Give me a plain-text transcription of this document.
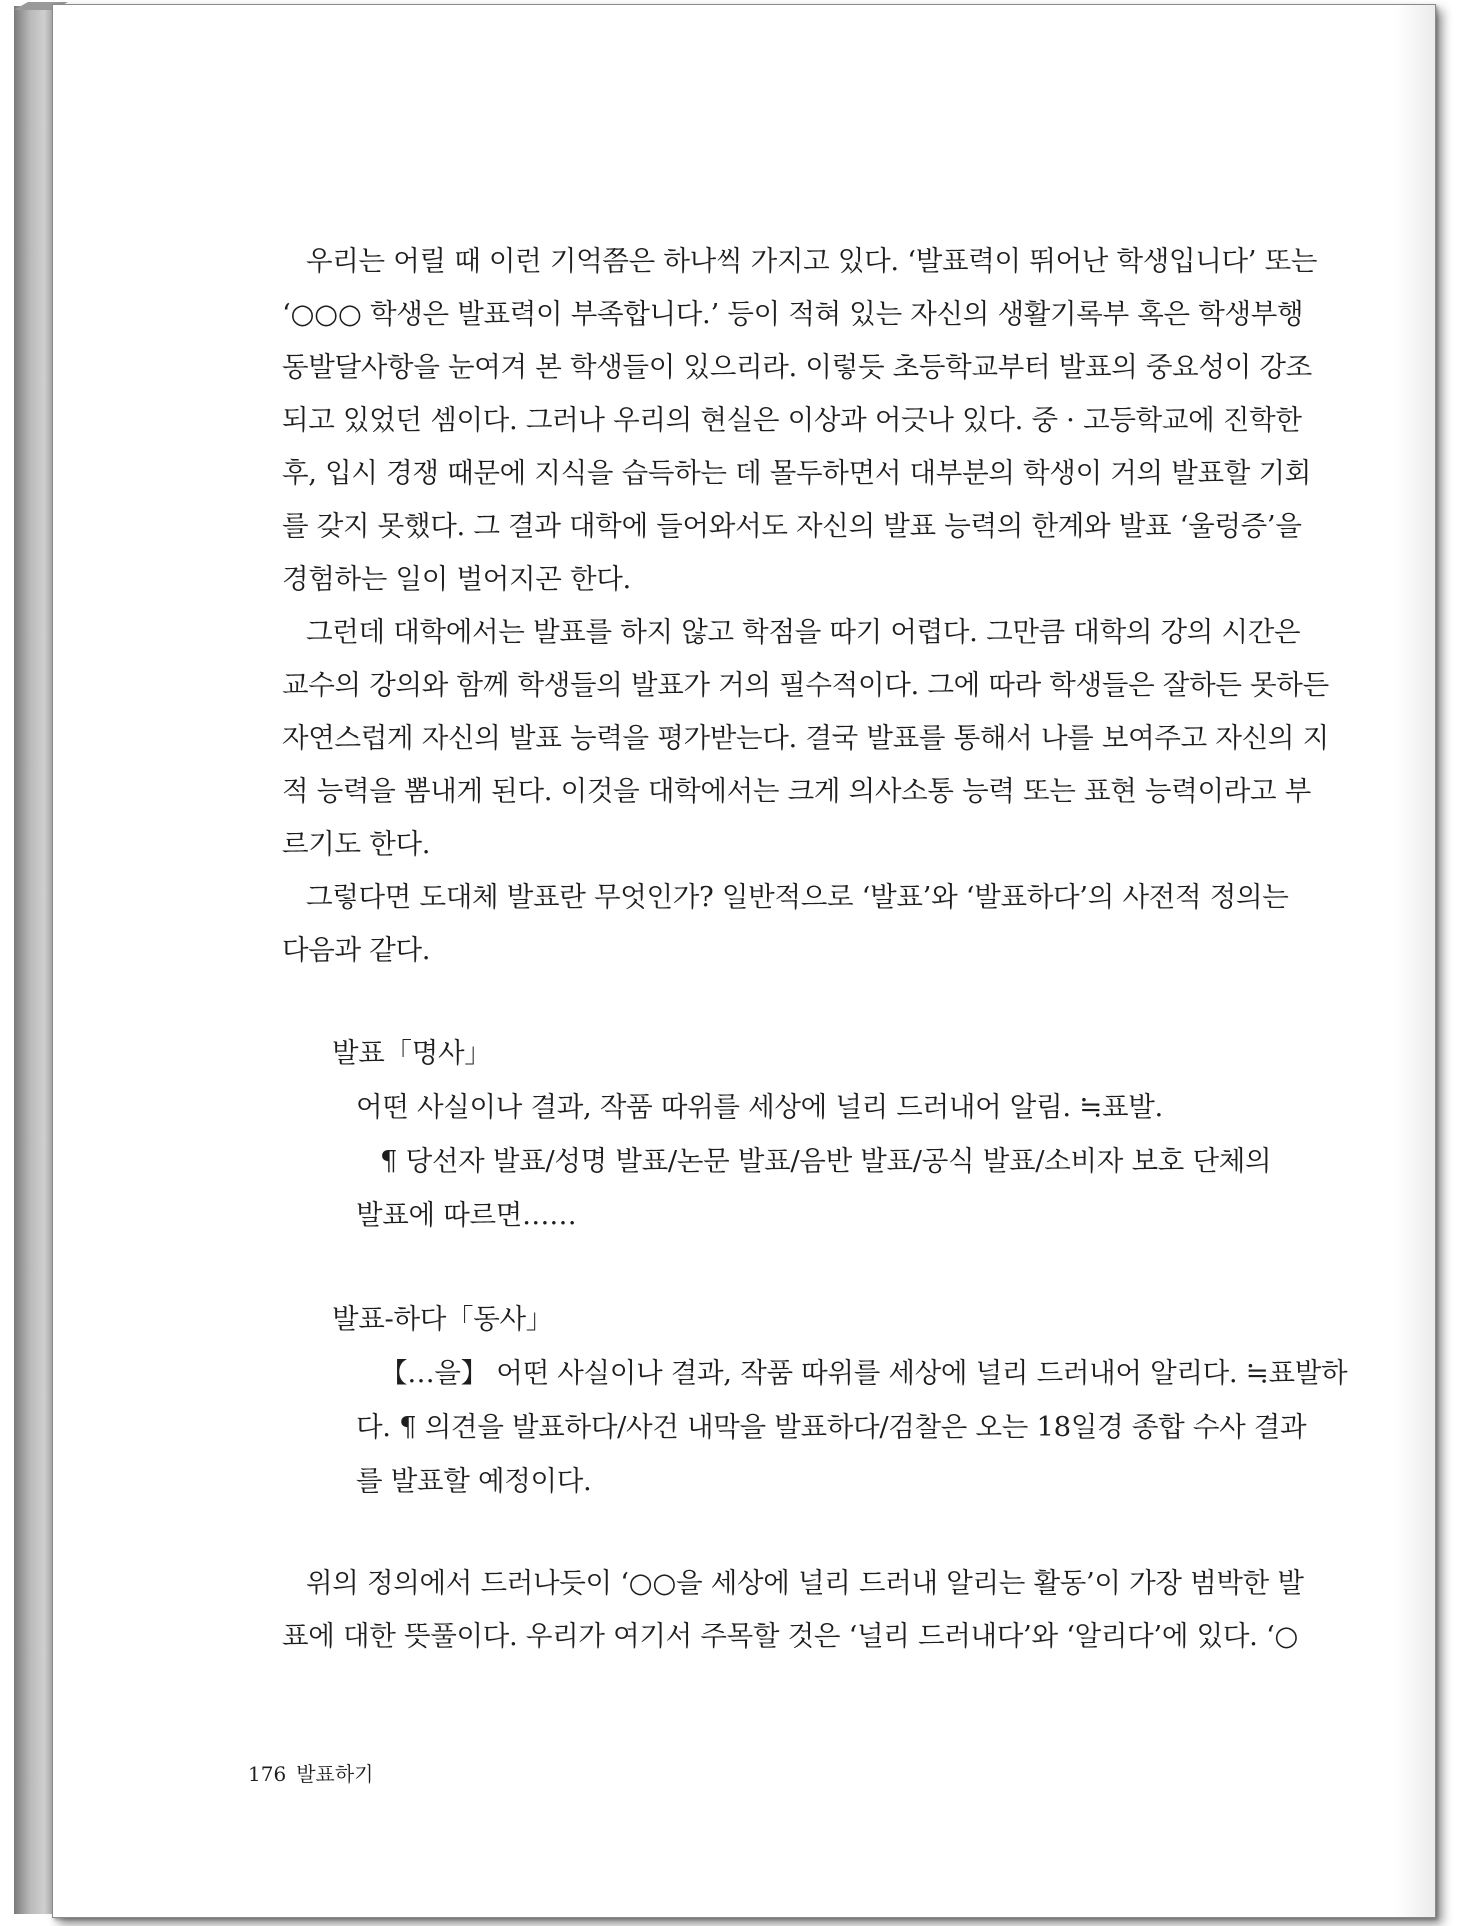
우리는 어릴 때 이런 기억쯤은 하나씩 가지고 있다. ‘발표력이 뛰어난 학생입니다’ 또는
‘○○○ 학생은 발표력이 부족합니다.’ 등이 적혀 있는 자신의 생활기록부 혹은 학생부행
동발달사항을 눈여겨 본 학생들이 있으리라. 이렇듯 초등학교부터 발표의 중요성이 강조
되고 있었던 셈이다. 그러나 우리의 현실은 이상과 어긋나 있다. 중 · 고등학교에 진학한
후, 입시 경쟁 때문에 지식을 습득하는 데 몰두하면서 대부분의 학생이 거의 발표할 기회
를 갖지 못했다. 그 결과 대학에 들어와서도 자신의 발표 능력의 한계와 발표 ‘울렁증’을
경험하는 일이 벌어지곤 한다.
그런데 대학에서는 발표를 하지 않고 학점을 따기 어렵다. 그만큼 대학의 강의 시간은
교수의 강의와 함께 학생들의 발표가 거의 필수적이다. 그에 따라 학생들은 잘하든 못하든
자연스럽게 자신의 발표 능력을 평가받는다. 결국 발표를 통해서 나를 보여주고 자신의 지
적 능력을 뽐내게 된다. 이것을 대학에서는 크게 의사소통 능력 또는 표현 능력이라고 부
르기도 한다.
그렇다면 도대체 발표란 무엇인가? 일반적으로 ‘발표’와 ‘발표하다’의 사전적 정의는
다음과 같다.
발표「명사」
어떤 사실이나 결과, 작품 따위를 세상에 널리 드러내어 알림. ≒표발.
¶ 당선자 발표/성명 발표/논문 발표/음반 발표/공식 발표/소비자 보호 단체의
발표에 따르면……
발표-하다「동사」
【…을】 어떤 사실이나 결과, 작품 따위를 세상에 널리 드러내어 알리다. ≒표발하
다. ¶ 의견을 발표하다/사건 내막을 발표하다/검찰은 오는 18일경 종합 수사 결과
를 발표할 예정이다.
위의 정의에서 드러나듯이 ‘○○을 세상에 널리 드러내 알리는 활동’이 가장 범박한 발
표에 대한 뜻풀이다. 우리가 여기서 주목할 것은 ‘널리 드러내다’와 ‘알리다’에 있다. ‘○
176 발표하기
